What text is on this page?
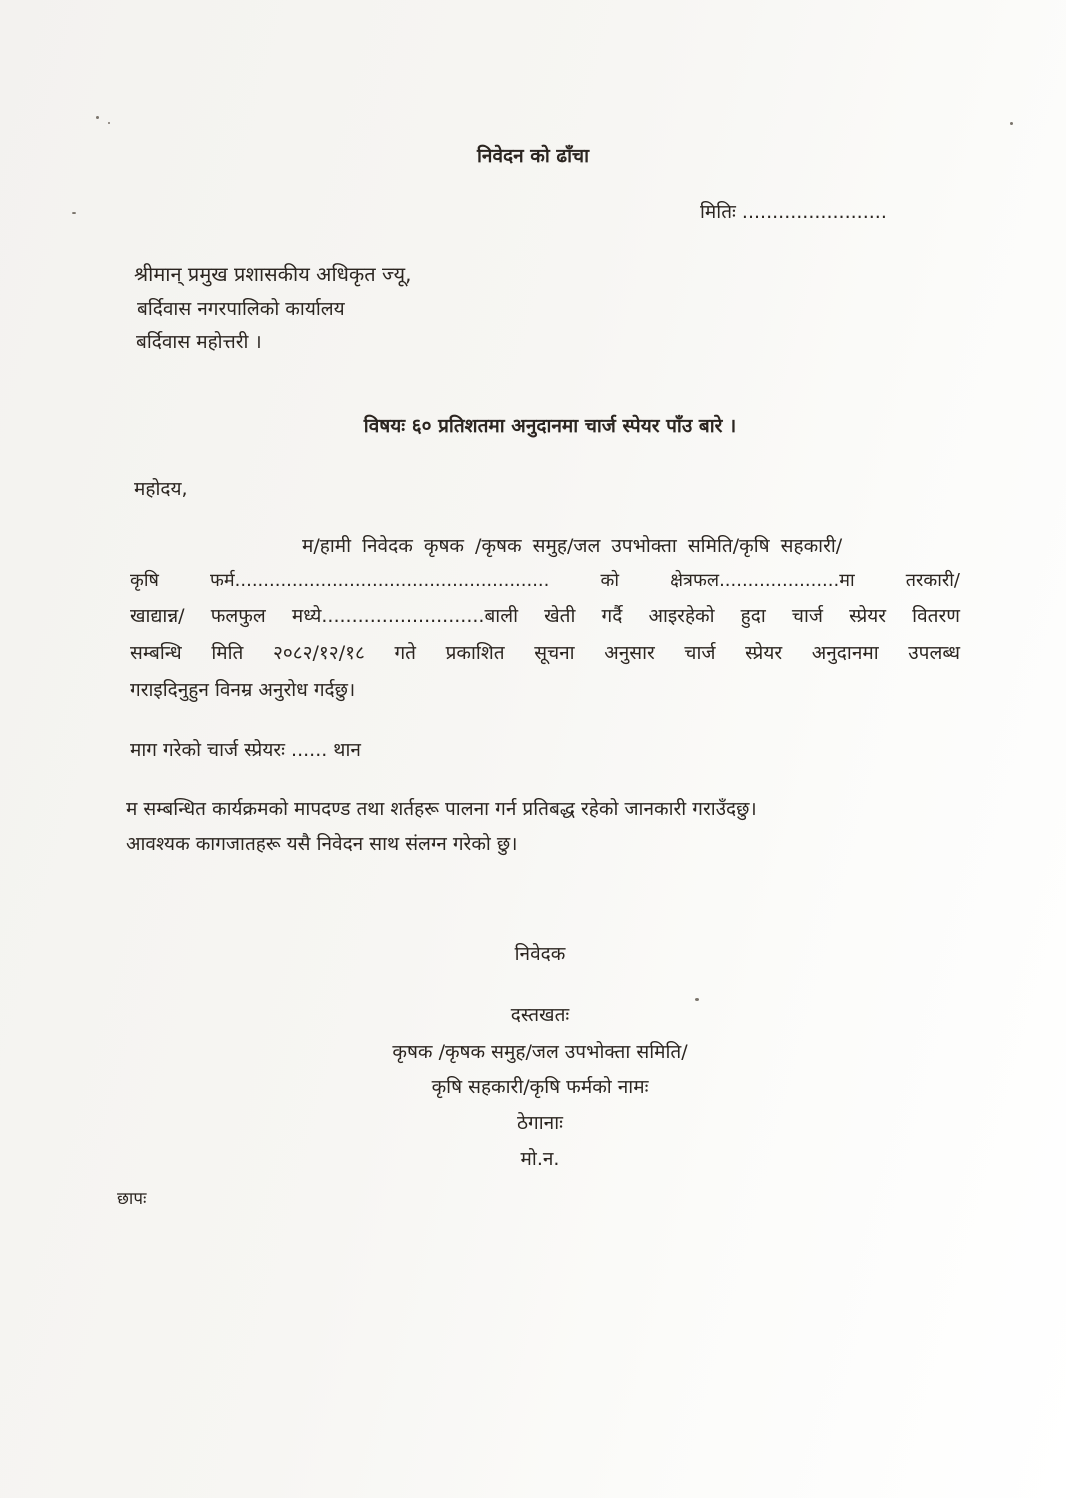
निवेदन को ढाँचा
मितिः ........................
श्रीमान् प्रमुख प्रशासकीय अधिकृत ज्यू,
बर्दिवास नगरपालिको कार्यालय
बर्दिवास महोत्तरी ।
विषयः ६० प्रतिशतमा अनुदानमा चार्ज स्पेयर पाँउ बारे ।
महोदय,
म/हामी निवेदक कृषक /कृषक समुह/जल उपभोक्ता समिति/कृषि सहकारी/
कृषि फर्म....................................................... को क्षेत्रफल.....................मा तरकारी/
खाद्यान्न/ फलफुल मध्ये...........................बाली खेती गर्दै आइरहेको हुदा चार्ज स्प्रेयर वितरण
सम्बन्धि मिति २०८२/१२/१८ गते प्रकाशित सूचना अनुसार चार्ज स्प्रेयर अनुदानमा उपलब्ध
गराइदिनुहुन विनम्र अनुरोध गर्दछु।
माग गरेको चार्ज स्प्रेयरः ...... थान
म सम्बन्धित कार्यक्रमको मापदण्ड तथा शर्तहरू पालना गर्न प्रतिबद्ध रहेको जानकारी गराउँदछु।
आवश्यक कागजातहरू यसै निवेदन साथ संलग्न गरेको छु।
निवेदक
दस्तखतः
कृषक /कृषक समुह/जल उपभोक्ता समिति/
कृषि सहकारी/कृषि फर्मको नामः
ठेगानाः
मो.न.
छापः
